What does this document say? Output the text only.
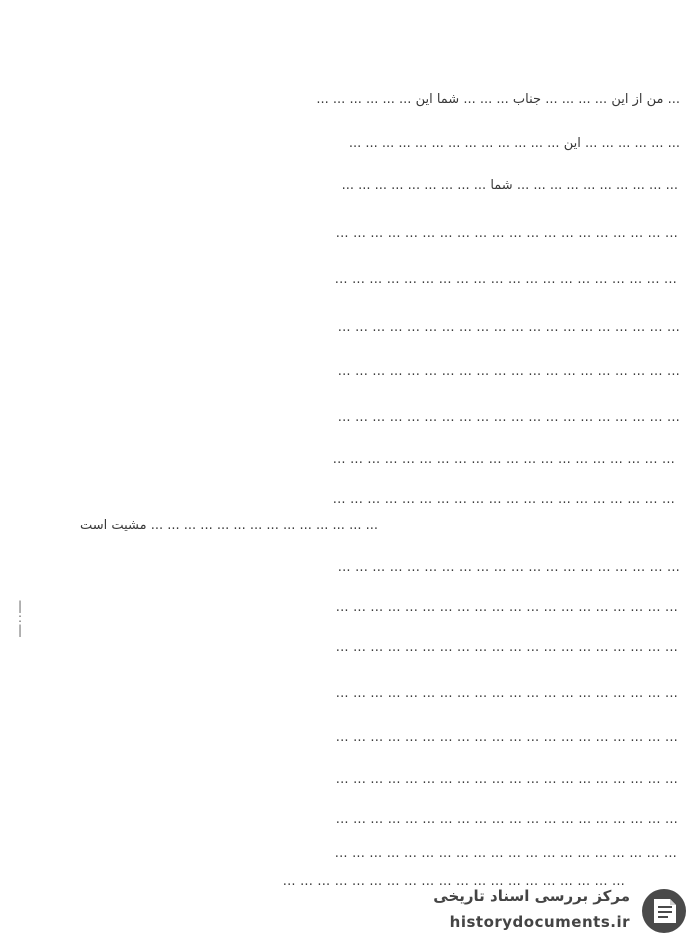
... من از اين ... ... ... ... جناب ... ... ... شما اين ... ... ... ... ... ...
... ... ... ... ... ... اين ... ... ... ... ... ... ... ... ... ... ... ... ...
... ... ... ... ... ... ... ... ... ... شما ... ... ... ... ... ... ... ... ...
... ... ... ... ... ... ... ... ... ... ... ... ... ... ... ... ... ... ... ...
... ... ... ... ... ... ... ... ... ... ... ... ... ... ... ... ... ... ... ...
... ... ... ... ... ... ... ... ... ... ... ... ... ... ... ... ... ... ... ...
... ... ... ... ... ... ... ... ... ... ... ... ... ... ... ... ... ... ... ...
... ... ... ... ... ... ... ... ... ... ... ... ... ... ... ... ... ... ... ...
... ... ... ... ... ... ... ... ... ... ... ... ... ... ... ... ... ... ... ...
... ... ... ... ... ... ... ... ... ... ... ... ... ... ... ... ... ... ... ...
... ... ... ... ... ... ... ... ... ... ... ... ... ... مشيت است
... ... ... ... ... ... ... ... ... ... ... ... ... ... ... ... ... ... ... ...
... ... ... ... ... ... ... ... ... ... ... ... ... ... ... ... ... ... ... ...
... ... ... ... ... ... ... ... ... ... ... ... ... ... ... ... ... ... ... ...
... ... ... ... ... ... ... ... ... ... ... ... ... ... ... ... ... ... ... ...
... ... ... ... ... ... ... ... ... ... ... ... ... ... ... ... ... ... ... ...
... ... ... ... ... ... ... ... ... ... ... ... ... ... ... ... ... ... ... ...
... ... ... ... ... ... ... ... ... ... ... ... ... ... ... ... ... ... ... ...
... ... ... ... ... ... ... ... ... ... ... ... ... ... ... ... ... ... ... ...
... ... ... ... ... ... ... ... ... ... ... ... ... ... ... ... ... ... ... ...
|
:
|
مرکز بررسی اسناد تاریخی
historydocuments.ir
